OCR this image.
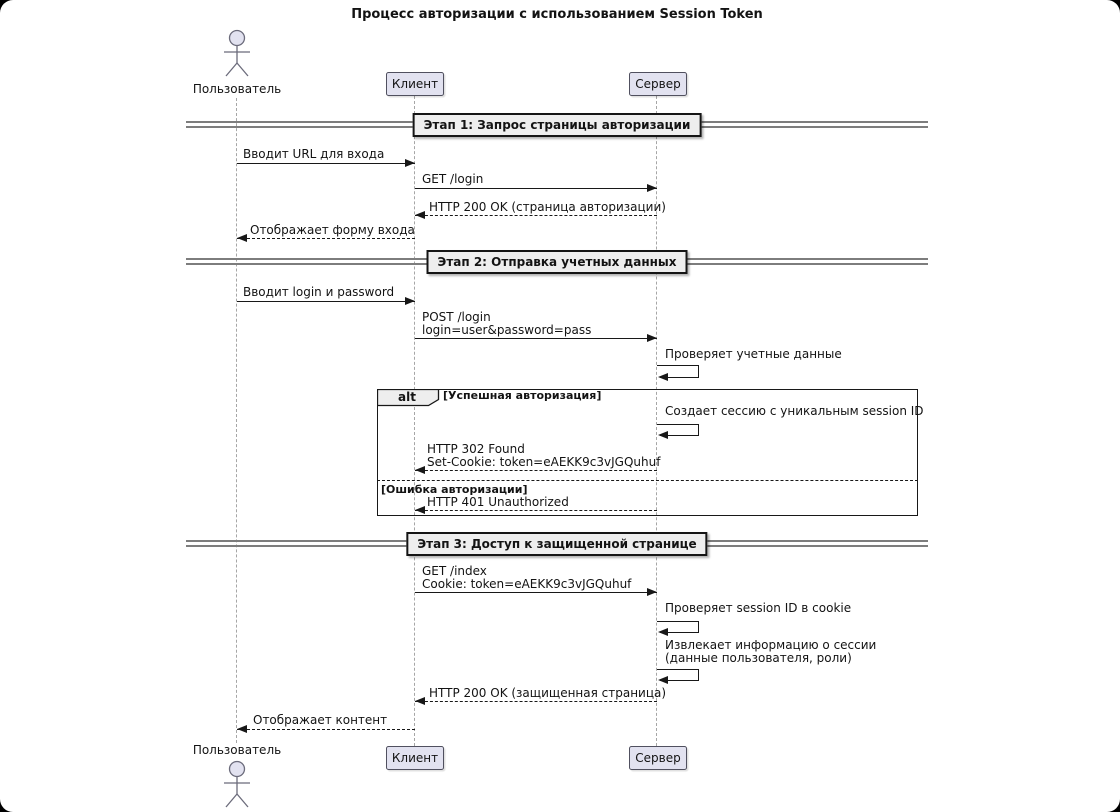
Процесс авторизации с использованием Session Token
Пользователь	Клиент	Сервер
Этап 1: Запрос страницы авторизации
Вводит URL для входа
GET /login
HTTP 200 OK (страница авторизации)
Отображает форму входа
Этап 2: Отправка учетных данных
Вводит login и password
POST /login
login=user&password=pass
Проверяет учетные данные
alt [Успешная авторизация]
Создает сессию с уникальным session ID
HTTP 302 Found
Set-Cookie: token=eAEKK9c3vJGQuhuf
[Ошибка авторизации]
HTTP 401 Unauthorized
Этап 3: Доступ к защищенной странице
GET /index
Cookie: token=eAEKK9c3vJGQuhuf
Проверяет session ID в cookie
Извлекает информацию о сессии
(данные пользователя, роли)
HTTP 200 OK (защищенная страница)
Отображает контент
Пользователь
Клиент	Сервер
